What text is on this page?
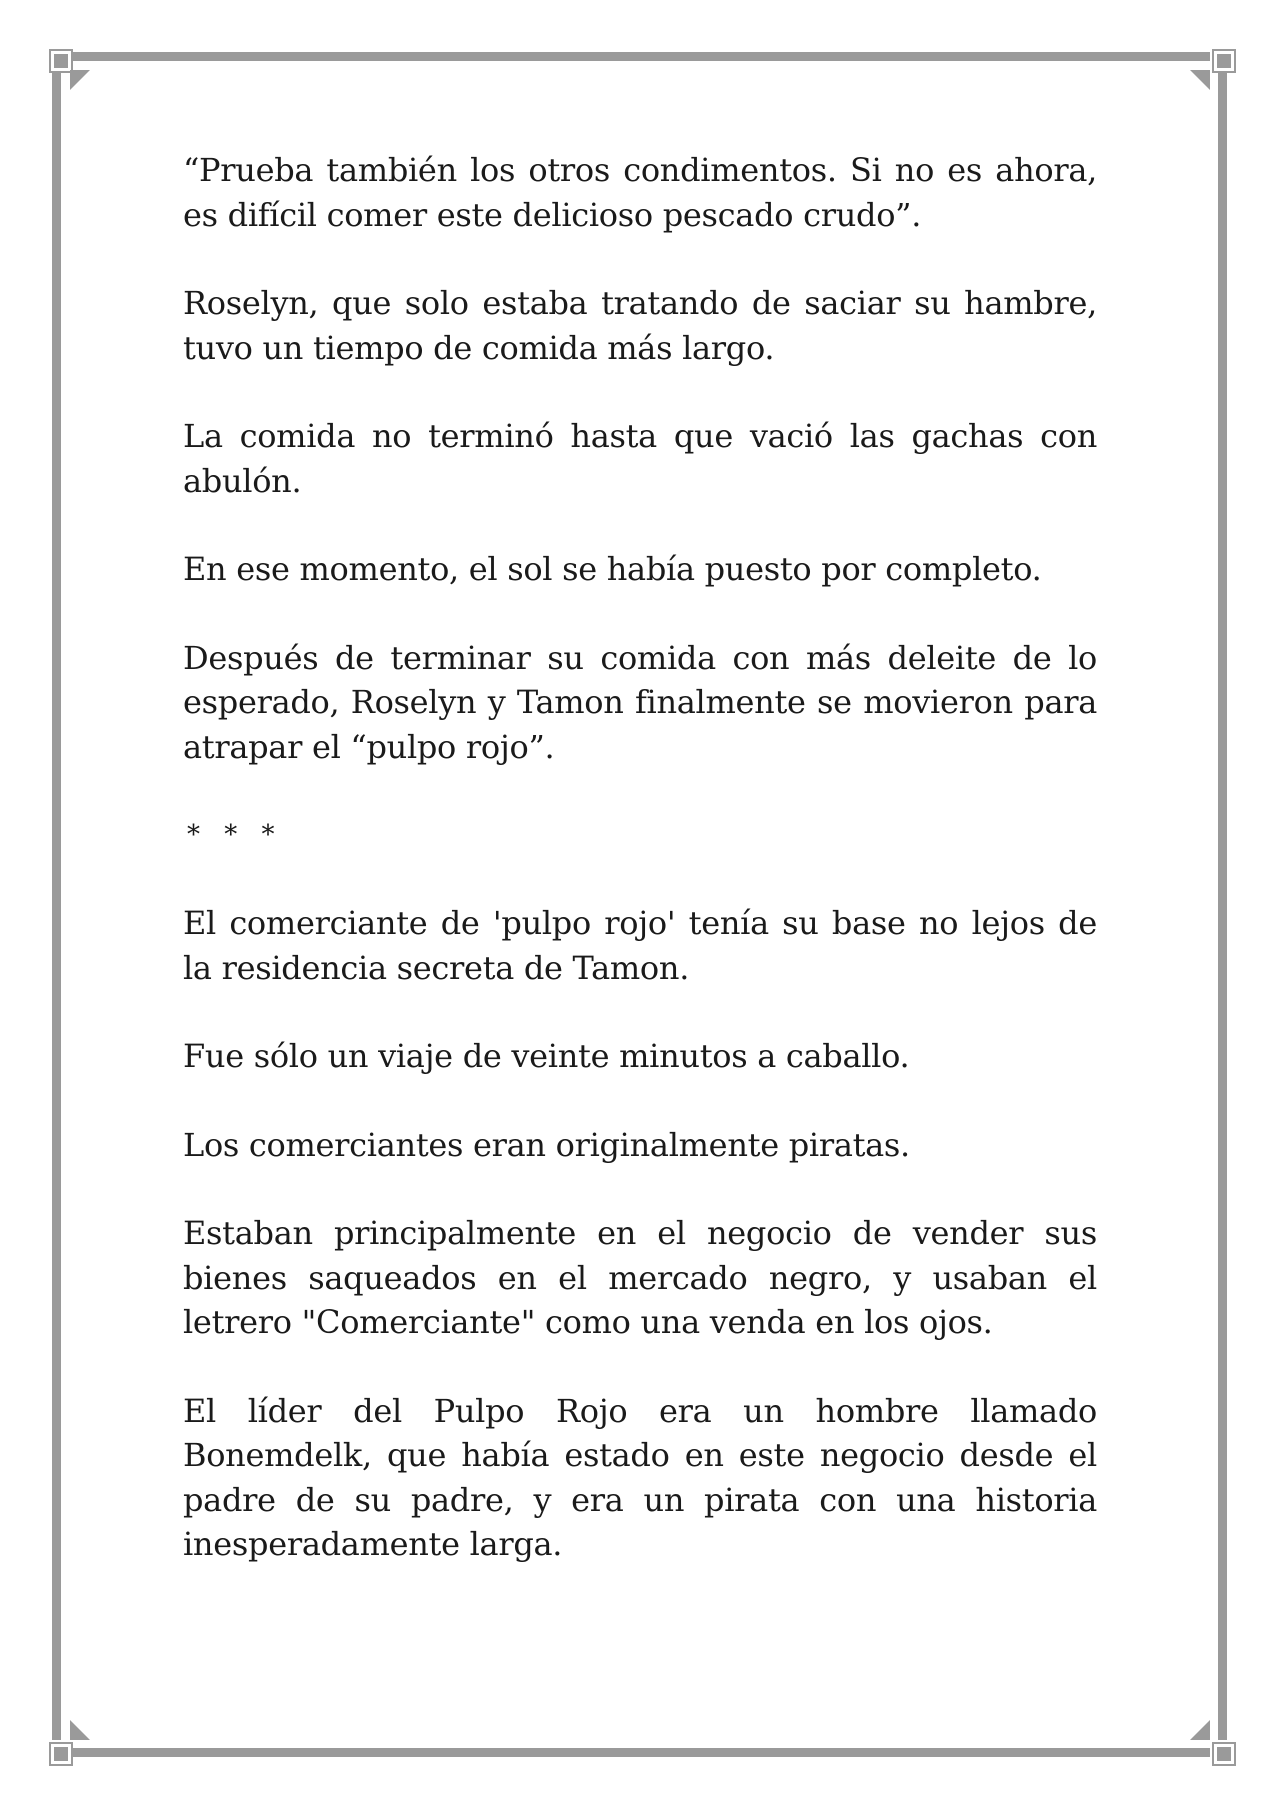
“Prueba también los otros condimentos. Si no es ahora, es difícil comer este delicioso pescado crudo”.

Roselyn, que solo estaba tratando de saciar su hambre, tuvo un tiempo de comida más largo.

La comida no terminó hasta que vació las gachas con abulón.

En ese momento, el sol se había puesto por completo.

Después de terminar su comida con más deleite de lo esperado, Roselyn y Tamon finalmente se movieron para atrapar el “pulpo rojo”.

* * *

El comerciante de 'pulpo rojo' tenía su base no lejos de la residencia secreta de Tamon.

Fue sólo un viaje de veinte minutos a caballo.

Los comerciantes eran originalmente piratas.

Estaban principalmente en el negocio de vender sus bienes saqueados en el mercado negro, y usaban el letrero "Comerciante" como una venda en los ojos.

El líder del Pulpo Rojo era un hombre llamado Bonemdelk, que había estado en este negocio desde el padre de su padre, y era un pirata con una historia inesperadamente larga.
